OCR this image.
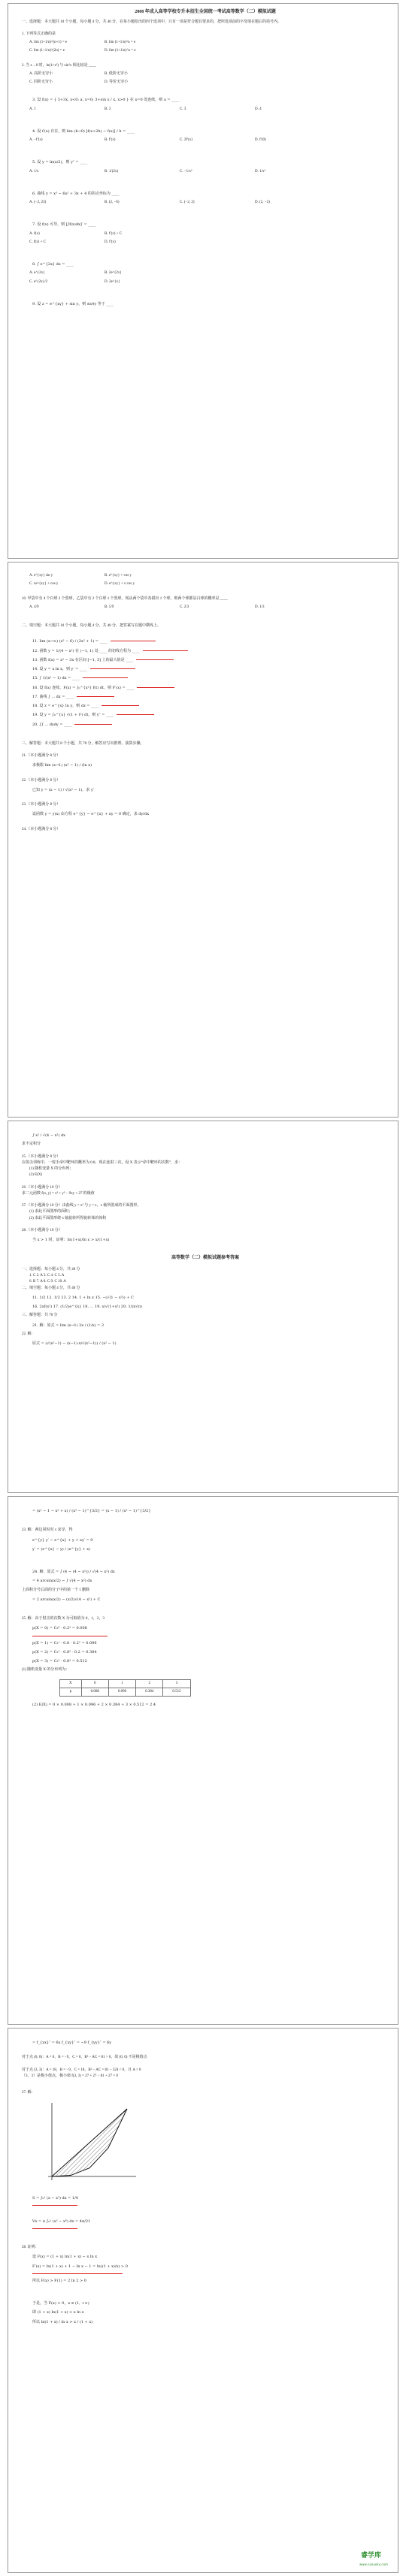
2008 年成人高等学校专升本招生全国统一考试高等数学（二）模拟试题
一、选择题：本大题共 10 个小题，每小题 4 分，共 40 分，在每小题给出的四个选项中，只有一项是符合题目要求的，把所选项前的字母填在题后的括号内。
1. 下列等式正确的是
A. lim (1+1/n)^(n+1) = e	B. lim (1+1/n)^n = e
C. lim (1+1/n)^(2n) = e	D. lim (1+1/n)^n = e
2. 当 x→0 时，ln(1+x²) 与 sin²x 相比较是 ____
A. 高阶无穷小	B. 低阶无穷小
C. 同阶无穷小	D. 等价无穷小
3. 设 f(x) = { 3+3x, x<0; a, x=0; 3+sin x / x, x>0 } 在 x=0 处连续，则 a = ____
A. 1	B. 2	C. 3	D. 4
4. 设 f′(x) 存在，则 lim (h→0) [f(x+2h) − f(x)] / h = ____
A. −f′(x)	B. f′(x)	C. 2f′(x)	D. f′(0)
5. 设 y = ln(x/2)，则 y″ = ____
A. 1/x	B. 1/(2x)	C. −1/x²	D. 1/x²
6. 曲线 y = x³ − 6x² + 3x + 4 的拐点坐标为 ____
A. (−2, 23)	B. (2, −6)	C. (−2, 2)	D. (2, −2)
7. 设 f(x) 可导，则 [∫f(x)dx]′ = ____
A. f(x)	B. f′(x) + C
C. f(x) + C	D. f′(x)
8. ∫ e^{2x} dx = ____
A. e^{2x}	B. 2e^{2x}
C. e^{2x}/2	D. 2e^{x}
9. 设 z = e^{xy} + sin y，则 ∂z/∂y 等于 ____
A. e^{xy} sin y	B. e^{xy} + cos y
C. xe^{xy} + cos y	D. e^{xy} + x cos y
10. 甲袋中有 4 个白球 2 个黑球，乙袋中有 2 个白球 1 个黑球，现从两个袋中各摸出 1 个球，则两个球都是白球的概率是 ____
A. 4/9	B. 5/9	C. 2/3	D. 1/3
二、填空题：本大题共 10 个小题，每小题 4 分，共 40 分，把答案写在题中横线上。
11. lim (x→∞) (x² − 6) / (2x² + 1) = ____
12. 函数 y = 1/(4 − x²) 在 (−1, 1) 处 ____ 的切线方程为 ____
13. 函数 f(x) = x³ − 3x 在区间 [−1, 3] 上的最大值是 ____
14. 设 y = x ln x，则 y′ = ____
15. ∫ 1/(x² − 1) dx = ____
16. 设 f(x) 连续，F(x) = ∫₀^{x²} f(t) dt，则 F′(x) = ____
17. 曲线 ∫ ... dx = ____
18. 设 z = e^{x} ln y，则 dz = ____
19. 设 y = ∫₀^{x} √(1 + t²) dt，则 y″ = ____
20. ∫∫ ... dxdy = ____
三、解答题：本大题共 8 个小题，共 70 分，解答应写出推理、演算步骤。
21.（本小题满分 8 分）
求极限 lim (x→1) (x² − 1) / (ln x)
22.（本小题满分 8 分）
已知 y = (x − 1) / √(x² − 1)，求 y′
23.（本小题满分 8 分）
设函数 y = y(x) 由方程 e^{y} − e^{x} + xy = 0 确定，求 dy/dx
24.（本小题满分 8 分）
∫ x² / √(4 − x²) dx
求不定积分
25.（本小题满分 8 分）
在射击训练中，一射手命中靶环的概率为 0.8，现在连射三次，设 X 表示“命中靶环的次数”，求：
(1) 随机变量 X 的分布列；
(2) E(X)
26.（本小题满分 10 分）
求二元函数 f(x, y) = x³ + y³ − 9xy + 27 的极值
27.（本小题满分 10 分）由曲线 y = x³ 与 y = x，x 轴所围成的平面图形。
(1) 求此平面图形的面积；
(2) 求此平面图形绕 x 轴旋转所得旋转体的体积
28.（本小题满分 10 分）
当 x > 1 时，证明：ln(1+x)/ln x > x/(1+x)
高等数学（二）模拟试题参考答案
一、选择题：每小题 4 分，共 40 分
1. C 2. A 3. C 4. C 5. A
6. B 7. A 8. C 9. C 10. A
二、填空题：每小题 4 分，共 40 分
11. 1/2 12. 1/2 13. 2 14. 1 + ln x 15. −(√(1 − x²)) + C
16. 2xf(x²) 17. (1/2)e^{x} 18. ... 19. x/√(1+x²) 20. 1/(π√π)
三、解答题：共 70 分
21. 解：原式 = lim (x→1) 2x / (1/x) = 2
22. 解：
原式 = (√(x²−1) − (x−1)·x/√(x²−1)) / (x² − 1)
= (x² − 1 − x² + x) / (x² − 1)^{3/2} = (x − 1) / (x² − 1)^{3/2}
23. 解：两边同时对 x 求导，得
e^{y} y′ − e^{x} + y + xy′ = 0
y′ = (e^{x} − y) / (e^{y} + x)
24. 解：原式 = ∫ (4 − (4 − x²)) / √(4 − x²) dx
= 4 arcsin(x/2) − ∫ √(4 − x²) dx
上面积分号后面的分子中的第一个 1 删除
= 2 arcsin(x/2) − (x/2)√(4 − x²) + C
25. 解：由于射击的次数 X 为可取值为 0，1，2，3
p(X = 0) = C₃⁰ · 0.2³ = 0.008
p(X = 1) = C₃¹ · 0.8 · 0.2² = 0.096
p(X = 2) = C₃² · 0.8² · 0.2 = 0.384
p(X = 3) = C₃³ · 0.8³ = 0.512
(1) 随机变量 X 的分布列为：
X	0	1	2	3
p	0.008	0.096	0.384	0.512
(2) E(X) = 0 × 0.008 + 1 × 0.096 + 2 × 0.384 + 3 × 0.512 = 2.4
= f_{xx}″ = 6x f_{xy}″ = −9 f_{yy}″ = 6y
对于点 (0, 0)：A = 0，B = −9，C = 0，B² − AC = 81 > 0，故 (0, 0) 不是极值点
对于点 (3, 3)：A = 18，B = −9，C = 18，B² − AC = 81 − 324 < 0，且 A > 0
（3，3）是极小值点，极小值 f(3, 3) = 27 + 27 − 81 + 27 = 0
27. 解：
S = ∫₀¹ (x − x³) dx = 1/4
Vx = π ∫₀¹ (x² − x⁶) dx = 4π/21
28. 证明：
设 F(x) = (1 + x) ln(1 + x) − x ln x
F′(x) = ln(1 + x) + 1 − ln x − 1 = ln((1 + x)/x) > 0
所以 F(x) > F(1) = 2 ln 2 > 0
于是，当 F(x) > 0，x ∈ (1, +∞)
即 (1 + x) ln(1 + x) > x ln x
所以 ln(1 + x) / ln x > x / (1 + x)
睿学库
www.ruixueku.com
